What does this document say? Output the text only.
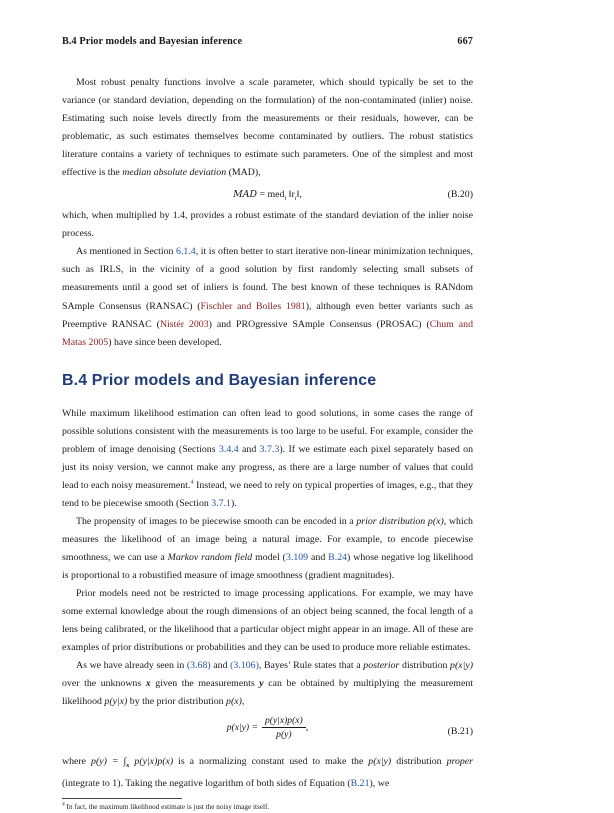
B.4 Prior models and Bayesian inference	667

Most robust penalty functions involve a scale parameter, which should typically be set to the variance (or standard deviation, depending on the formulation) of the non-contaminated (inlier) noise. Estimating such noise levels directly from the measurements or their residuals, however, can be problematic, as such estimates themselves become contaminated by outliers. The robust statistics literature contains a variety of techniques to estimate such parameters. One of the simplest and most effective is the median absolute deviation (MAD),

MAD = med$_i$ $‖r_i‖$,	(B.20)

which, when multiplied by 1.4, provides a robust estimate of the standard deviation of the inlier noise process.

As mentioned in Section 6.1.4, it is often better to start iterative non-linear minimization techniques, such as IRLS, in the vicinity of a good solution by first randomly selecting small subsets of measurements until a good set of inliers is found. The best known of these techniques is RANdom SAmple Consensus (RANSAC) (Fischler and Bolles 1981), although even better variants such as Preemptive RANSAC (Nistér 2003) and PROgressive SAmple Consensus (PROSAC) (Chum and Matas 2005) have since been developed.

B.4 Prior models and Bayesian inference

While maximum likelihood estimation can often lead to good solutions, in some cases the range of possible solutions consistent with the measurements is too large to be useful. For example, consider the problem of image denoising (Sections 3.4.4 and 3.7.3). If we estimate each pixel separately based on just its noisy version, we cannot make any progress, as there are a large number of values that could lead to each noisy measurement.$^4$ Instead, we need to rely on typical properties of images, e.g., that they tend to be piecewise smooth (Section 3.7.1).

The propensity of images to be piecewise smooth can be encoded in a prior distribution p(x), which measures the likelihood of an image being a natural image. For example, to encode piecewise smoothness, we can use a Markov random field model (3.109 and B.24) whose negative log likelihood is proportional to a robustified measure of image smoothness (gradient magnitudes).

Prior models need not be restricted to image processing applications. For example, we may have some external knowledge about the rough dimensions of an object being scanned, the focal length of a lens being calibrated, or the likelihood that a particular object might appear in an image. All of these are examples of prior distributions or probabilities and they can be used to produce more reliable estimates.

As we have already seen in (3.68) and (3.106), Bayes’ Rule states that a posterior distribution p(x|y) over the unknowns x given the measurements y can be obtained by multiplying the measurement likelihood p(y|x) by the prior distribution p(x),

$p(x|y) = \frac{p(y|x)p(x)}{p(y)}$ ,	(B.21)

where $p(y) = \int_x$ p(y|x)p(x) is a normalizing constant used to make the p(x|y) distribution proper (integrate to 1). Taking the negative logarithm of both sides of Equation (B.21), we

$^4$ In fact, the maximum likelihood estimate is just the noisy image itself.
